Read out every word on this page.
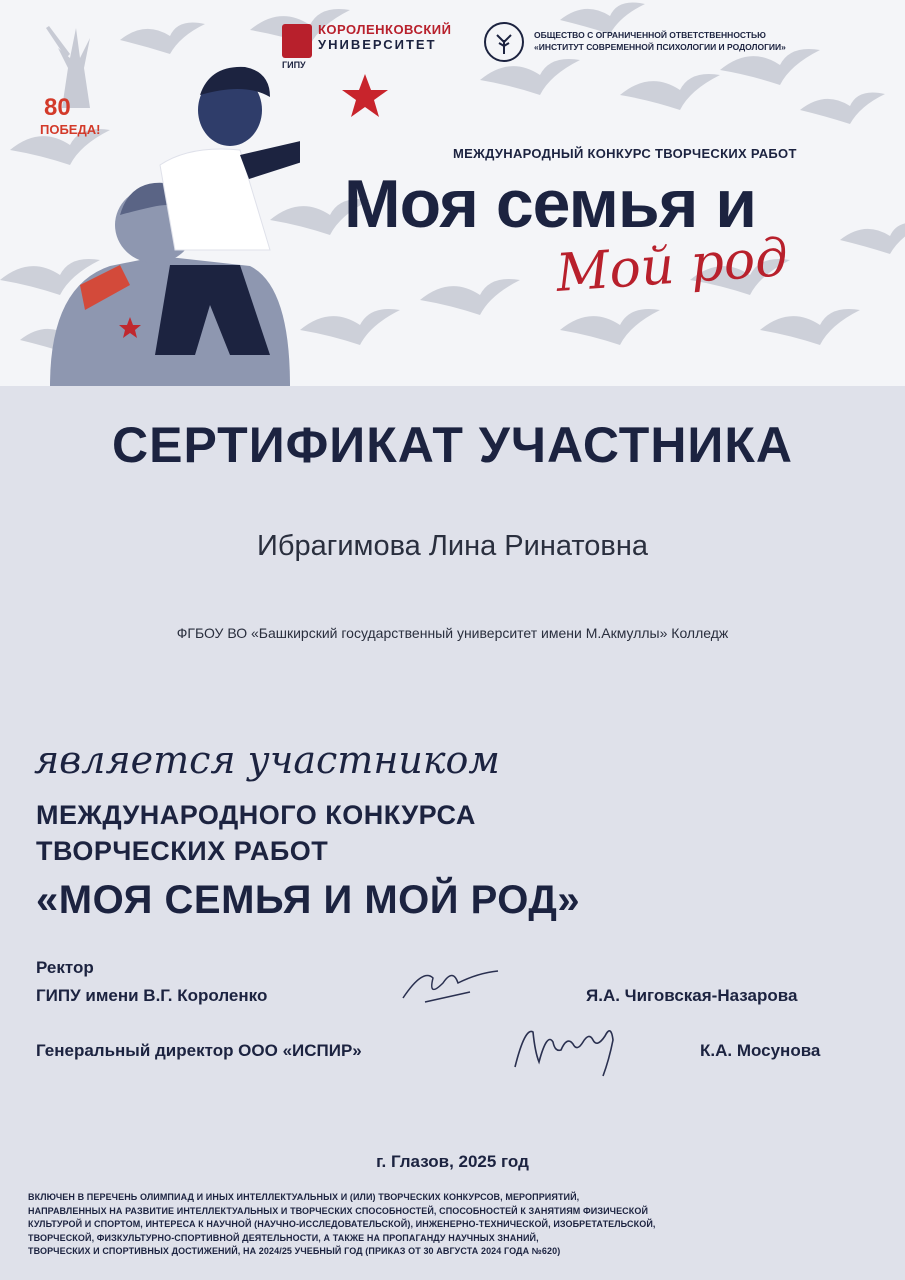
80
ПОБЕДА!
КОРОЛЕНКОВСКИЙ
УНИВЕРСИТЕТ
ГИПУ
ОБЩЕСТВО С ОГРАНИЧЕННОЙ ОТВЕТСТВЕННОСТЬЮ
«ИНСТИТУТ СОВРЕМЕННОЙ ПСИХОЛОГИИ И РОДОЛОГИИ»
МЕЖДУНАРОДНЫЙ КОНКУРС ТВОРЧЕСКИХ РАБОТ
Моя семья и
Мой род
СЕРТИФИКАТ УЧАСТНИКА
Ибрагимова Лина Ринатовна
ФГБОУ ВО «Башкирский государственный университет имени М.Акмуллы» Колледж
является участником
МЕЖДУНАРОДНОГО КОНКУРСА
ТВОРЧЕСКИХ РАБОТ
«МОЯ СЕМЬЯ И МОЙ РОД»
Ректор
ГИПУ имени В.Г. Короленко	Я.А. Чиговская-Назарова
Генеральный директор ООО «ИСПИР»	К.А. Мосунова
г. Глазов, 2025 год
ВКЛЮЧЕН В ПЕРЕЧЕНЬ ОЛИМПИАД И ИНЫХ ИНТЕЛЛЕКТУАЛЬНЫХ И (ИЛИ) ТВОРЧЕСКИХ КОНКУРСОВ, МЕРОПРИЯТИЙ,
НАПРАВЛЕННЫХ НА РАЗВИТИЕ ИНТЕЛЛЕКТУАЛЬНЫХ И ТВОРЧЕСКИХ СПОСОБНОСТЕЙ, СПОСОБНОСТЕЙ К ЗАНЯТИЯМ ФИЗИЧЕСКОЙ
КУЛЬТУРОЙ И СПОРТОМ, ИНТЕРЕСА К НАУЧНОЙ (НАУЧНО-ИССЛЕДОВАТЕЛЬСКОЙ), ИНЖЕНЕРНО-ТЕХНИЧЕСКОЙ, ИЗОБРЕТАТЕЛЬСКОЙ,
ТВОРЧЕСКОЙ, ФИЗКУЛЬТУРНО-СПОРТИВНОЙ ДЕЯТЕЛЬНОСТИ, А ТАКЖЕ НА ПРОПАГАНДУ НАУЧНЫХ ЗНАНИЙ,
ТВОРЧЕСКИХ И СПОРТИВНЫХ ДОСТИЖЕНИЙ, НА 2024/25 УЧЕБНЫЙ ГОД (ПРИКАЗ ОТ 30 АВГУСТА 2024 ГОДА №620)
